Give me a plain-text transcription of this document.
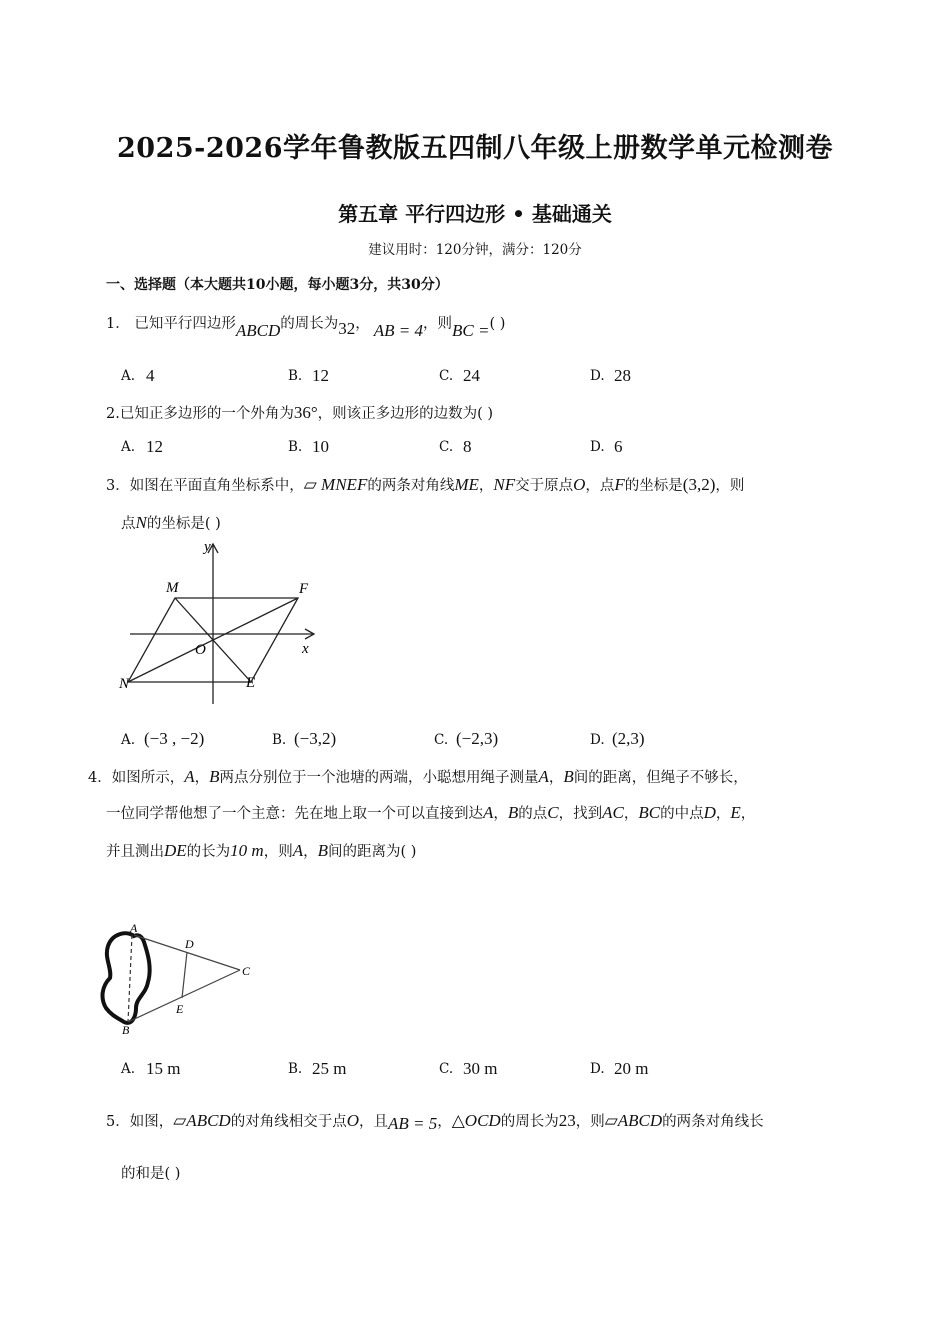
2025-2026学年鲁教版五四制八年级上册数学单元检测卷
第五章 平行四边形 • 基础通关
建议用时：120分钟，满分：120分
一、选择题（本大题共10小题，每小题3分，共30分）
1． 已知平行四边形ABCD的周长为32， AB = 4，则BC =( )
A. 4	B. 12	C. 24	D. 28
2.已知正多边形的一个外角为36°，则该正多边形的边数为( )
A. 12	B. 10	C. 8	D. 6
3．如图在平面直角坐标系中，▱ MNEF的两条对角线ME，NF交于原点O，点F的坐标是(3,2)，则
点N的坐标是( )
y
x
M	F
O
N	E
A. (−3 , −2)	B. (−3,2)	C. (−2,3)	D. (2,3)
4．如图所示，A，B两点分别位于一个池塘的两端，小聪想用绳子测量A，B间的距离，但绳子不够长，
一位同学帮他想了一个主意：先在地上取一个可以直接到达A，B的点C，找到AC，BC的中点D，E，
并且测出DE的长为10 m，则A，B间的距离为( )
A
B
C
D
E
A. 15 m	B. 25 m	C. 30 m	D. 20 m
5．如图，▱ABCD的对角线相交于点O，且AB = 5，△OCD的周长为23，则▱ABCD的两条对角线长
的和是( )
